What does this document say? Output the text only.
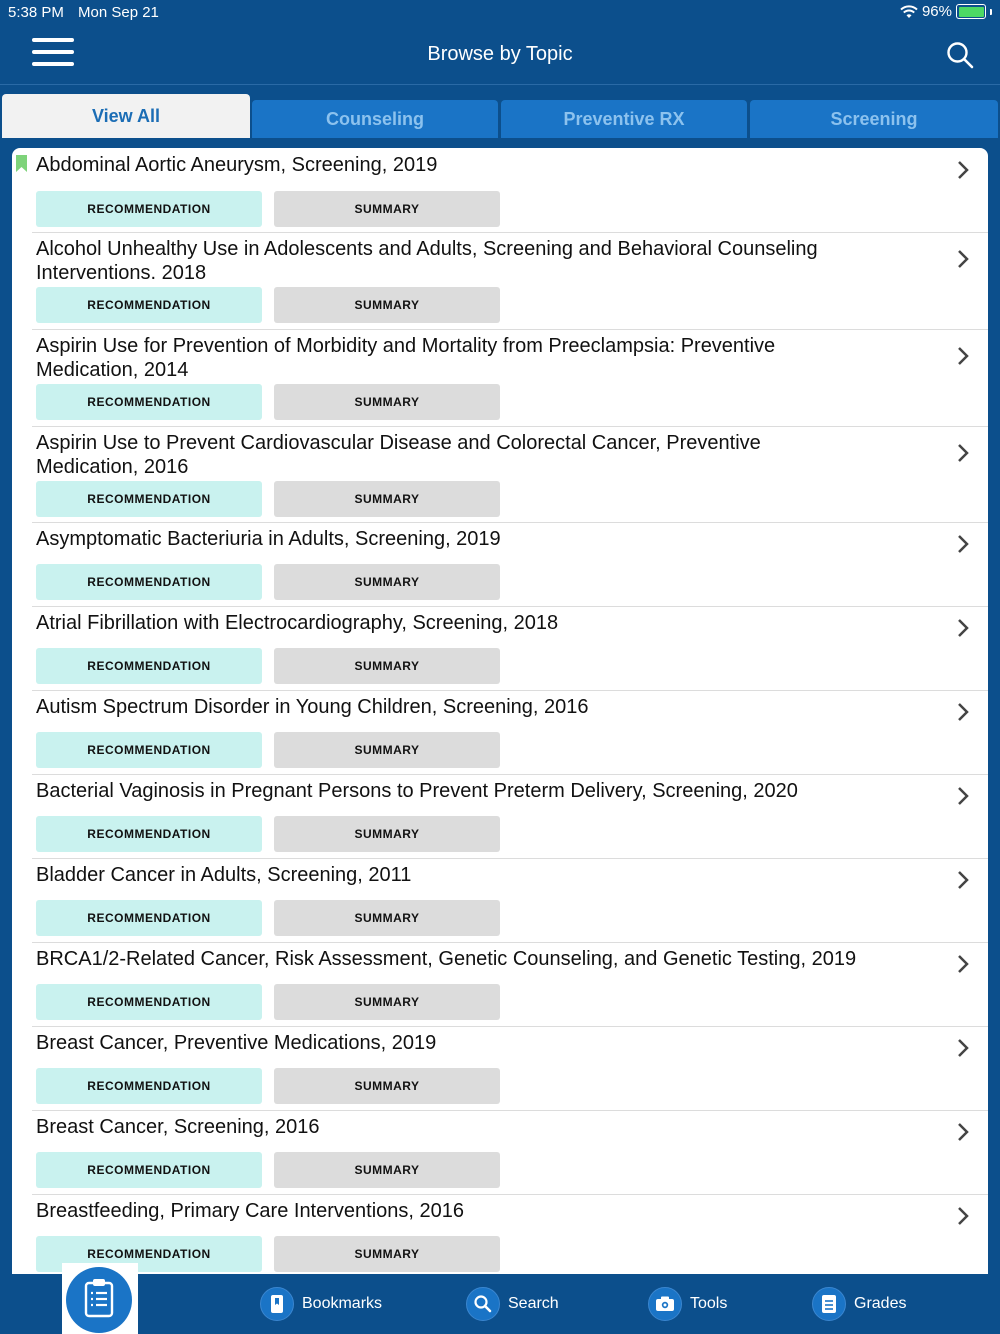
5:38 PM Mon Sep 21	96%
Browse by Topic
View All	Counseling	Preventive RX	Screening
Abdominal Aortic Aneurysm, Screening, 2019
RECOMMENDATION	SUMMARY
Alcohol Unhealthy Use in Adolescents and Adults, Screening and Behavioral Counseling Interventions. 2018
RECOMMENDATION	SUMMARY
Aspirin Use for Prevention of Morbidity and Mortality from Preeclampsia: Preventive Medication, 2014
RECOMMENDATION	SUMMARY
Aspirin Use to Prevent Cardiovascular Disease and Colorectal Cancer, Preventive Medication, 2016
RECOMMENDATION	SUMMARY
Asymptomatic Bacteriuria in Adults, Screening, 2019
RECOMMENDATION	SUMMARY
Atrial Fibrillation with Electrocardiography, Screening, 2018
RECOMMENDATION	SUMMARY
Autism Spectrum Disorder in Young Children, Screening, 2016
RECOMMENDATION	SUMMARY
Bacterial Vaginosis in Pregnant Persons to Prevent Preterm Delivery, Screening, 2020
RECOMMENDATION	SUMMARY
Bladder Cancer in Adults, Screening, 2011
RECOMMENDATION	SUMMARY
BRCA1/2-Related Cancer, Risk Assessment, Genetic Counseling, and Genetic Testing, 2019
RECOMMENDATION	SUMMARY
Breast Cancer, Preventive Medications, 2019
RECOMMENDATION	SUMMARY
Breast Cancer, Screening, 2016
RECOMMENDATION	SUMMARY
Breastfeeding, Primary Care Interventions, 2016
RECOMMENDATION	SUMMARY
Bookmarks	Search	Tools	Grades
